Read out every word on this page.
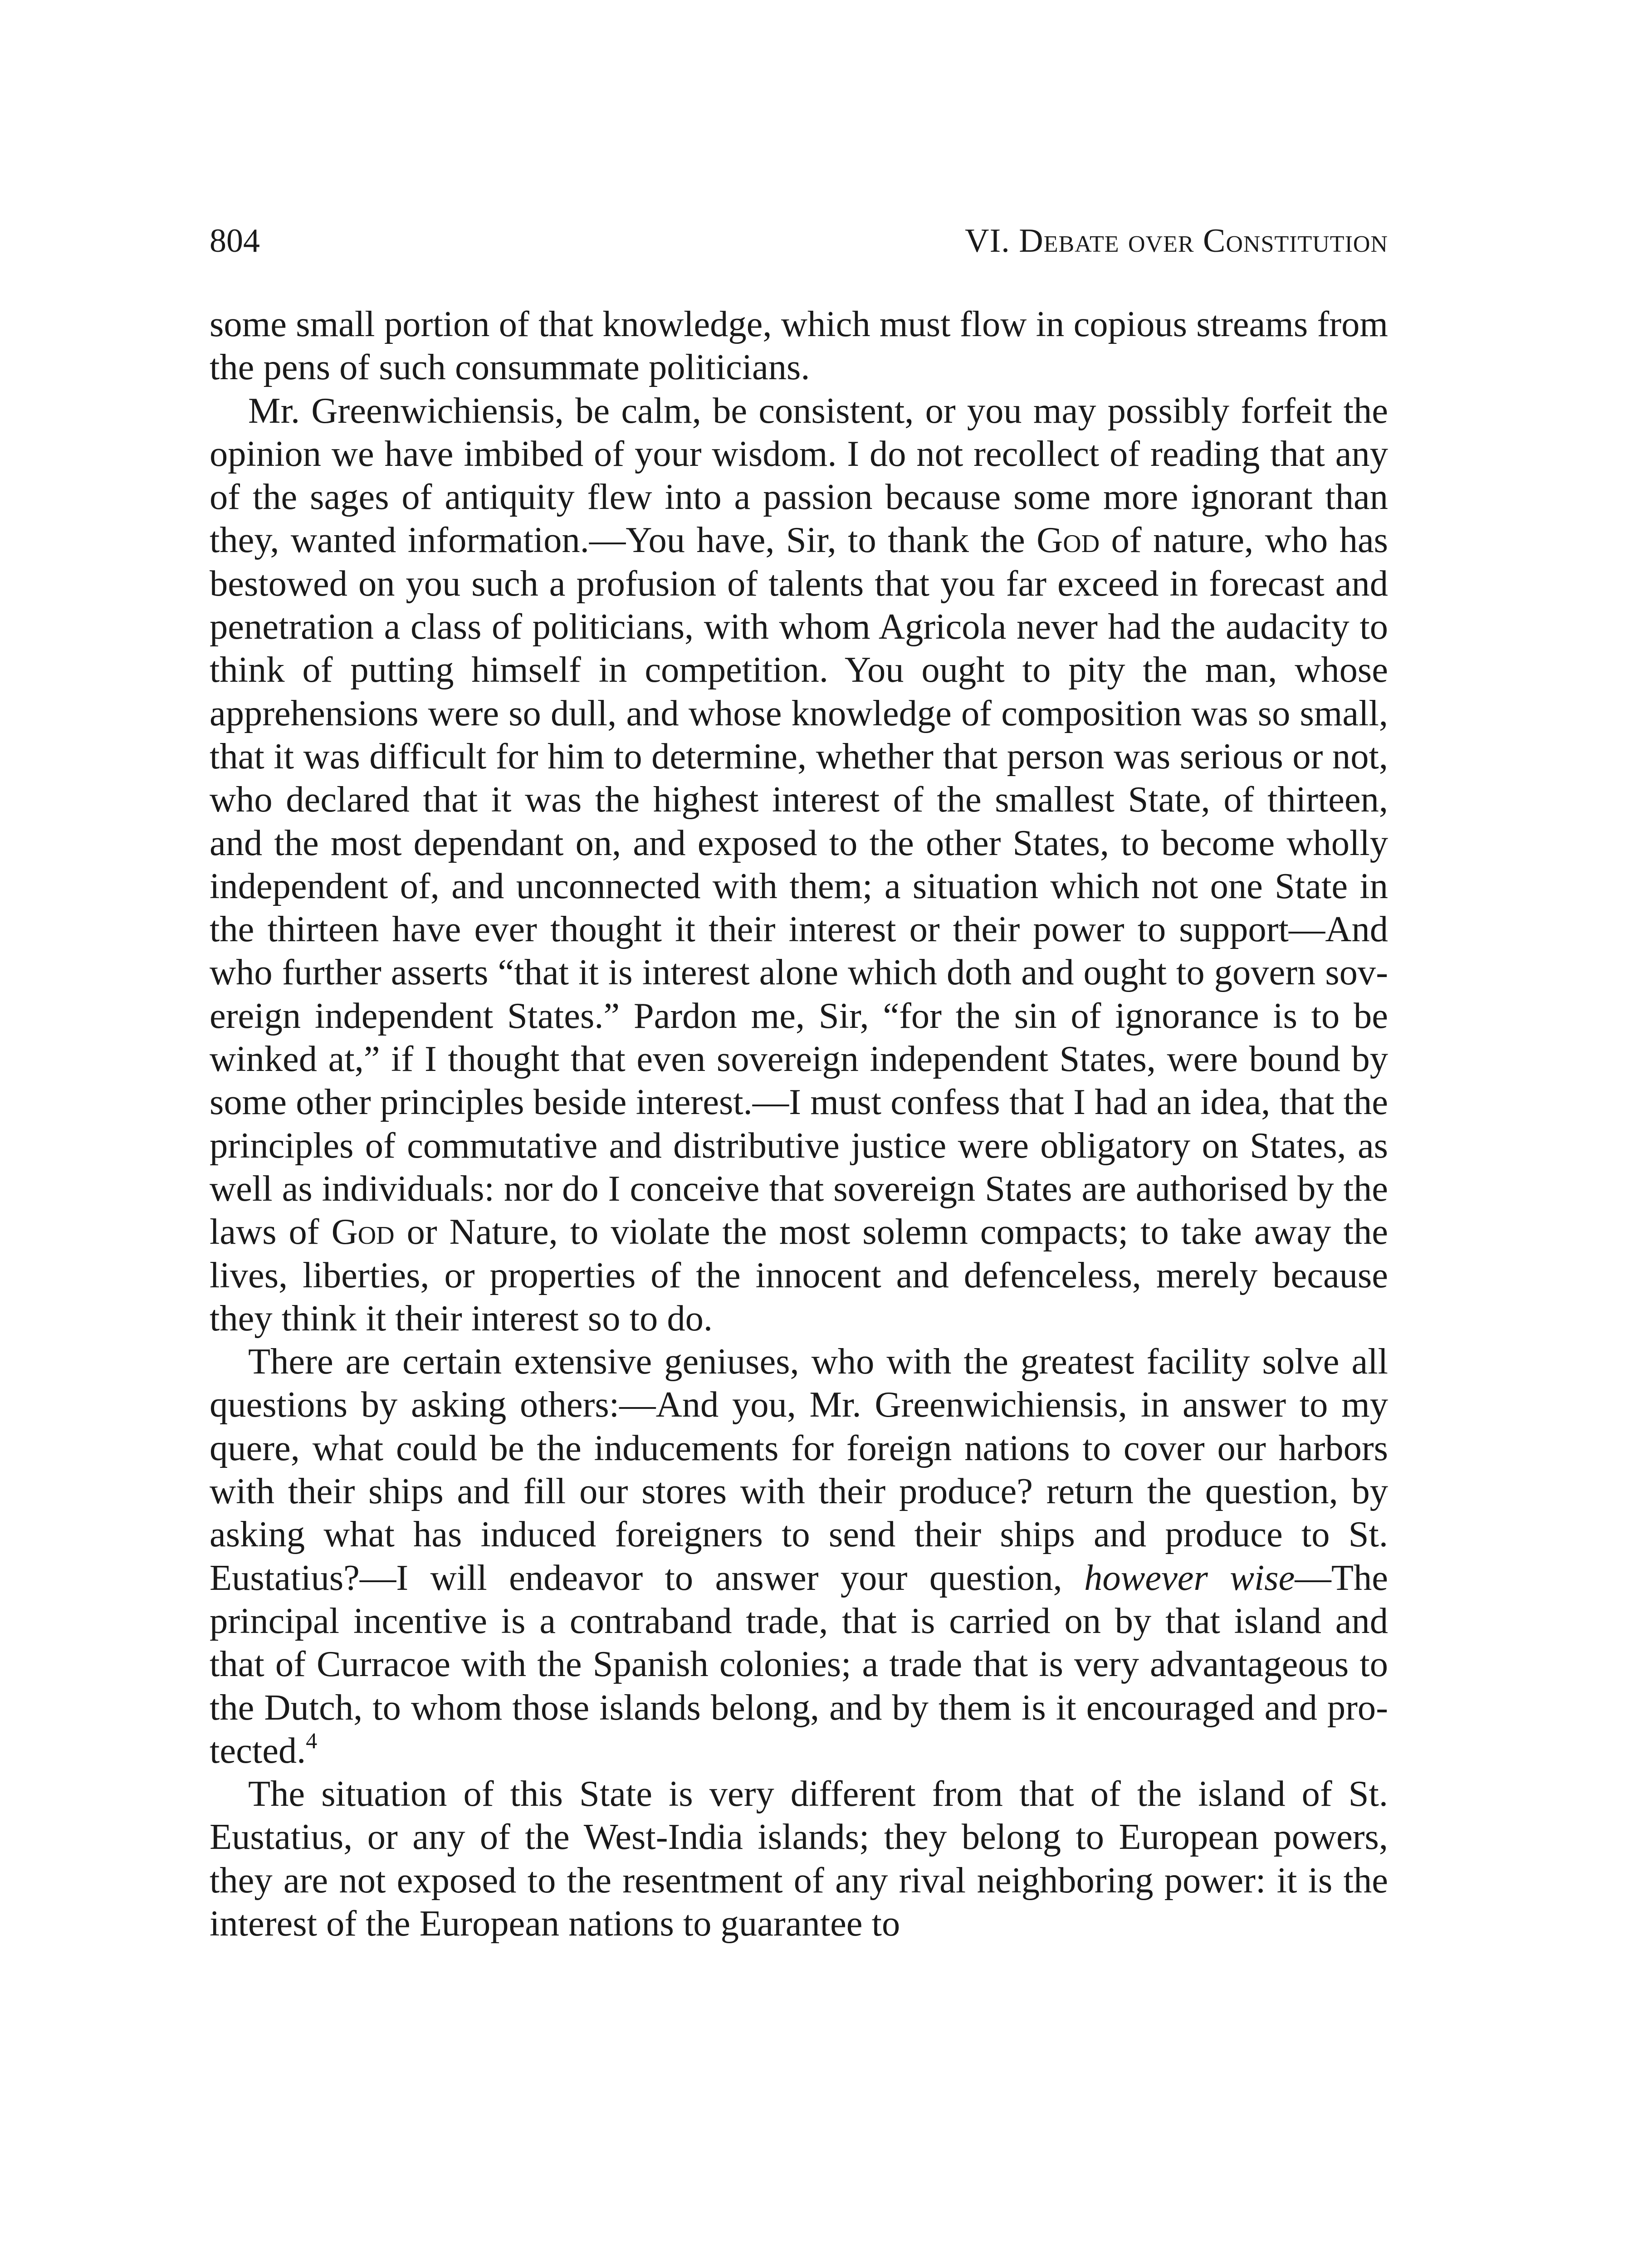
804	VI. Debate over Constitution

some small portion of that knowledge, which must flow in copious streams from the pens of such consummate politicians.

Mr. Greenwichiensis, be calm, be consistent, or you may possibly forfeit the opinion we have imbibed of your wisdom. I do not recollect of reading that any of the sages of antiquity flew into a passion because some more ignorant than they, wanted information.—You have, Sir, to thank the God of nature, who has bestowed on you such a profusion of talents that you far exceed in forecast and penetration a class of politicians, with whom Agricola never had the audacity to think of putting himself in competition. You ought to pity the man, whose apprehensions were so dull, and whose knowledge of composition was so small, that it was difficult for him to determine, whether that person was serious or not, who declared that it was the highest interest of the smallest State, of thirteen, and the most dependant on, and exposed to the other States, to become wholly independent of, and unconnected with them; a situation which not one State in the thirteen have ever thought it their interest or their power to support—And who further asserts “that it is interest alone which doth and ought to govern sovereign independent States.” Pardon me, Sir, “for the sin of ignorance is to be winked at,” if I thought that even sovereign independent States, were bound by some other principles beside interest.—I must confess that I had an idea, that the principles of commutative and distributive justice were obligatory on States, as well as individuals: nor do I conceive that sovereign States are authorised by the laws of God or Nature, to violate the most solemn compacts; to take away the lives, liberties, or properties of the innocent and defenceless, merely because they think it their interest so to do.

There are certain extensive geniuses, who with the greatest facility solve all questions by asking others:—And you, Mr. Greenwichiensis, in answer to my quere, what could be the inducements for foreign nations to cover our harbors with their ships and fill our stores with their produce? return the question, by asking what has induced foreigners to send their ships and produce to St. Eustatius?—I will endeavor to answer your question, however wise—The principal incentive is a contraband trade, that is carried on by that island and that of Curracoe with the Spanish colonies; a trade that is very advantageous to the Dutch, to whom those islands belong, and by them is it encouraged and protected.$^4$

The situation of this State is very different from that of the island of St. Eustatius, or any of the West-India islands; they belong to European powers, they are not exposed to the resentment of any rival neighboring power: it is the interest of the European nations to guarantee to
